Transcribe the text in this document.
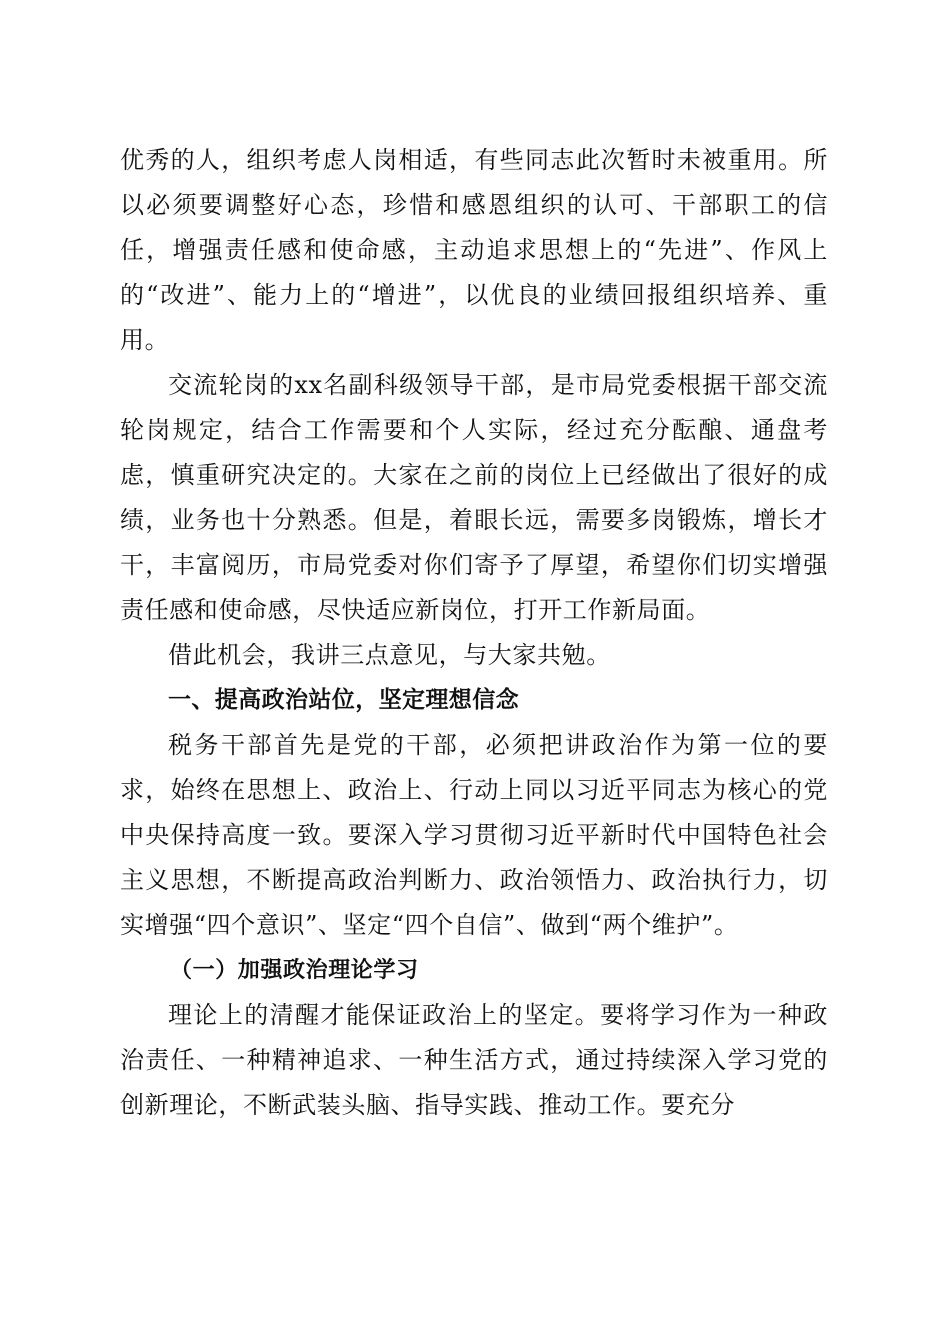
优秀的人，组织考虑人岗相适，有些同志此次暂时未被重用。所以必须要调整好心态，珍惜和感恩组织的认可、干部职工的信任，增强责任感和使命感，主动追求思想上的“先进”、作风上的“改进”、能力上的“增进”，以优良的业绩回报组织培养、重用。

交流轮岗的xx名副科级领导干部，是市局党委根据干部交流轮岗规定，结合工作需要和个人实际，经过充分酝酿、通盘考虑，慎重研究决定的。大家在之前的岗位上已经做出了很好的成绩，业务也十分熟悉。但是，着眼长远，需要多岗锻炼，增长才干，丰富阅历，市局党委对你们寄予了厚望，希望你们切实增强责任感和使命感，尽快适应新岗位，打开工作新局面。

借此机会，我讲三点意见，与大家共勉。

一、提高政治站位，坚定理想信念

税务干部首先是党的干部，必须把讲政治作为第一位的要求，始终在思想上、政治上、行动上同以习近平同志为核心的党中央保持高度一致。要深入学习贯彻习近平新时代中国特色社会主义思想，不断提高政治判断力、政治领悟力、政治执行力，切实增强“四个意识”、坚定“四个自信”、做到“两个维护”。

（一）加强政治理论学习

理论上的清醒才能保证政治上的坚定。要将学习作为一种政治责任、一种精神追求、一种生活方式，通过持续深入学习党的创新理论，不断武装头脑、指导实践、推动工作。要充分
